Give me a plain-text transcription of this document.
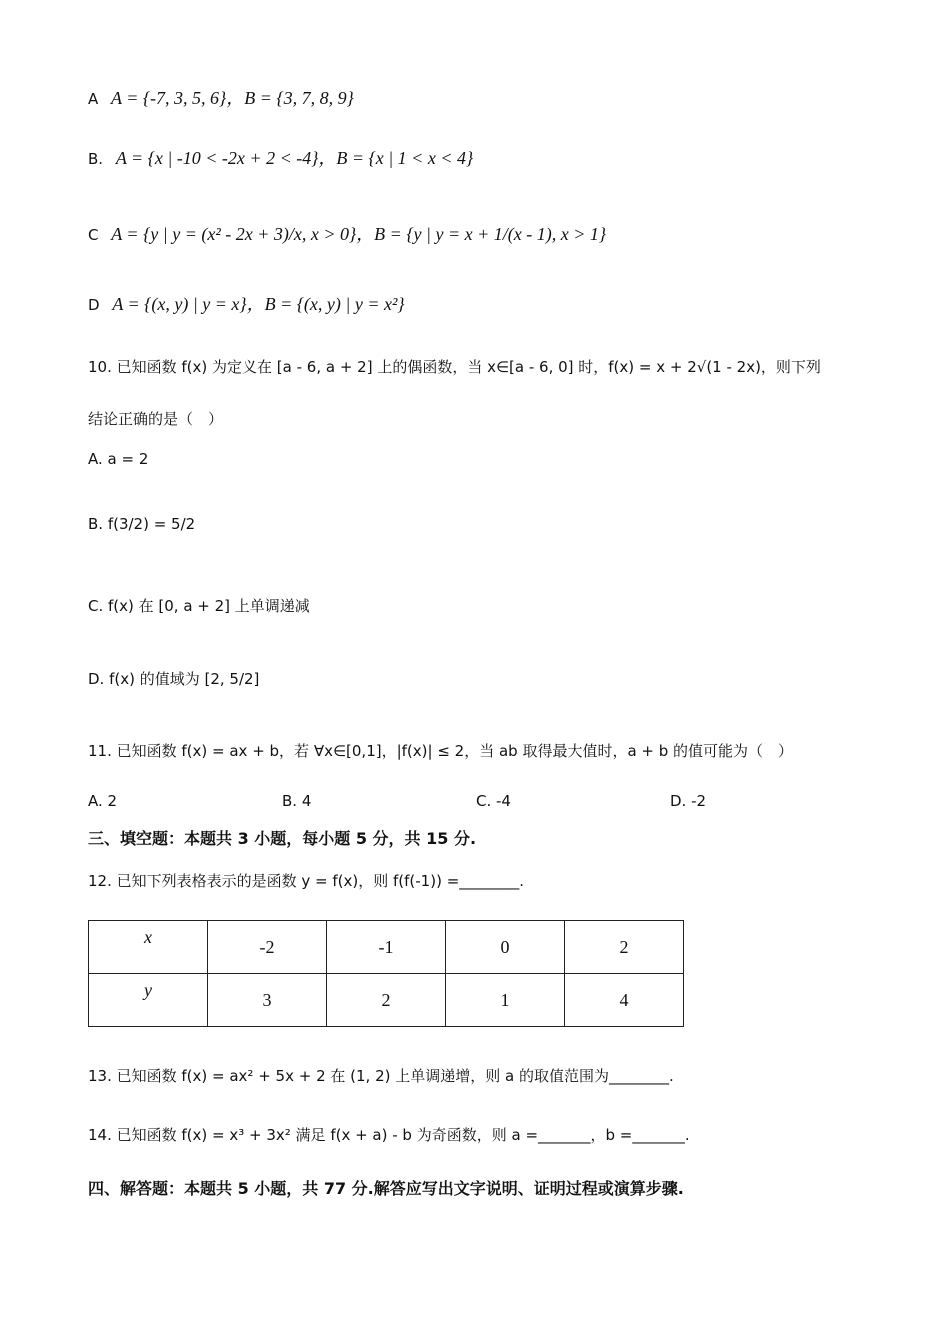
A A = {‑7, 3, 5, 6}，B = {3, 7, 8, 9}
B. A = {x | ‑10 < ‑2x + 2 < ‑4}，B = {x | 1 < x < 4}
C A = {y | y = (x² ‑ 2x + 3)/x, x > 0}，B = {y | y = x + 1/(x ‑ 1), x > 1}
D A = {(x, y) | y = x}，B = {(x, y) | y = x²}
10. 已知函数 f(x) 为定义在 [a ‑ 6, a + 2] 上的偶函数，当 x∈[a ‑ 6, 0] 时，f(x) = x + 2√(1 ‑ 2x)，则下列
结论正确的是（　）
A. a = 2
B. f(3/2) = 5/2
C. f(x) 在 [0, a + 2] 上单调递减
D. f(x) 的值域为 [2, 5/2]
11. 已知函数 f(x) = ax + b，若 ∀x∈[0,1]，|f(x)| ≤ 2，当 ab 取得最大值时，a + b 的值可能为（　）
A. 2	B. 4	C. ‑4	D. ‑2
三、填空题：本题共 3 小题，每小题 5 分，共 15 分.
12. 已知下列表格表示的是函数 y = f(x)，则 f(f(‑1)) =________.
x	‑2	‑1	0	2
y	3	2	1	4
13. 已知函数 f(x) = ax² + 5x + 2 在 (1, 2) 上单调递增，则 a 的取值范围为________.
14. 已知函数 f(x) = x³ + 3x² 满足 f(x + a) ‑ b 为奇函数，则 a =_______，b =_______.
四、解答题：本题共 5 小题，共 77 分.解答应写出文字说明、证明过程或演算步骤.
